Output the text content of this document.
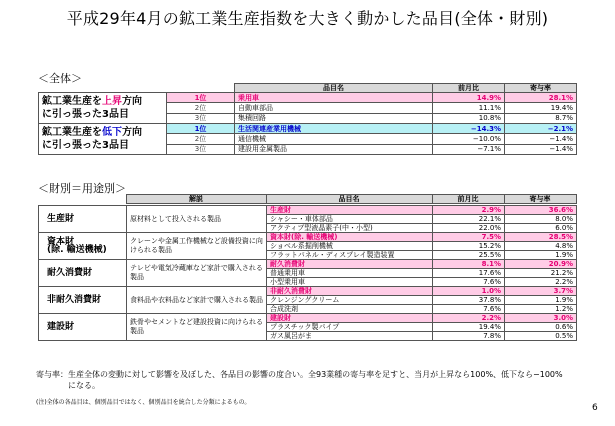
平成29年4月の鉱工業生産指数を大きく動かした品目(全体・財別)
＜全体＞
		品目名	前月比	寄与率
鉱工業生産を上昇方向
に引っ張った3品目	1位	乗用車	14.9%	28.1%
	2位	自動車部品	11.1%	19.4%
	3位	集積回路	10.8%	8.7%
鉱工業生産を低下方向
に引っ張った3品目	1位	生活関連産業用機械	−14.3%	−2.1%
	2位	通信機械	−10.0%	−1.4%
	3位	建設用金属製品	−7.1%	−1.4%
＜財別＝用途別＞
	解説	品目名	前月比	寄与率
生産財	原材料として投入される製品	生産財	2.9%	36.6%
		シャシー・車体部品	22.1%	8.0%
		アクティブ型液晶素子(中・小型)	22.0%	6.0%
資本財
(除. 輸送機械)	クレーンや金属工作機械など設備投資に向けられる製品	資本財(除. 輸送機械)	7.5%	28.5%
		ショベル系掘削機械	15.2%	4.8%
		フラットパネル・ディスプレイ製造装置	25.5%	1.9%
耐久消費財	テレビや電気冷蔵庫など家計で購入される製品	耐久消費財	8.1%	20.9%
		普通乗用車	17.6%	21.2%
		小型乗用車	7.6%	2.2%
非耐久消費財	食料品や衣料品など家計で購入される製品	非耐久消費財	1.0%	3.7%
		クレンジングクリーム	37.8%	1.9%
		合成洗剤	7.6%	1.2%
建設財	鉄骨やセメントなど建設投資に向けられる製品	建設財	2.2%	3.0%
		プラスチック製パイプ	19.4%	0.6%
		ガス風呂がま	7.8%	0.5%
寄与率：生産全体の変動に対して影響を及ぼした、各品目の影響の度合い。全93業種の寄与率を足すと、当月が上昇なら100%、低下なら−100%
になる。
(注)全体の各品目は、個別品目ではなく、個別品目を統合した分類によるもの。
6
